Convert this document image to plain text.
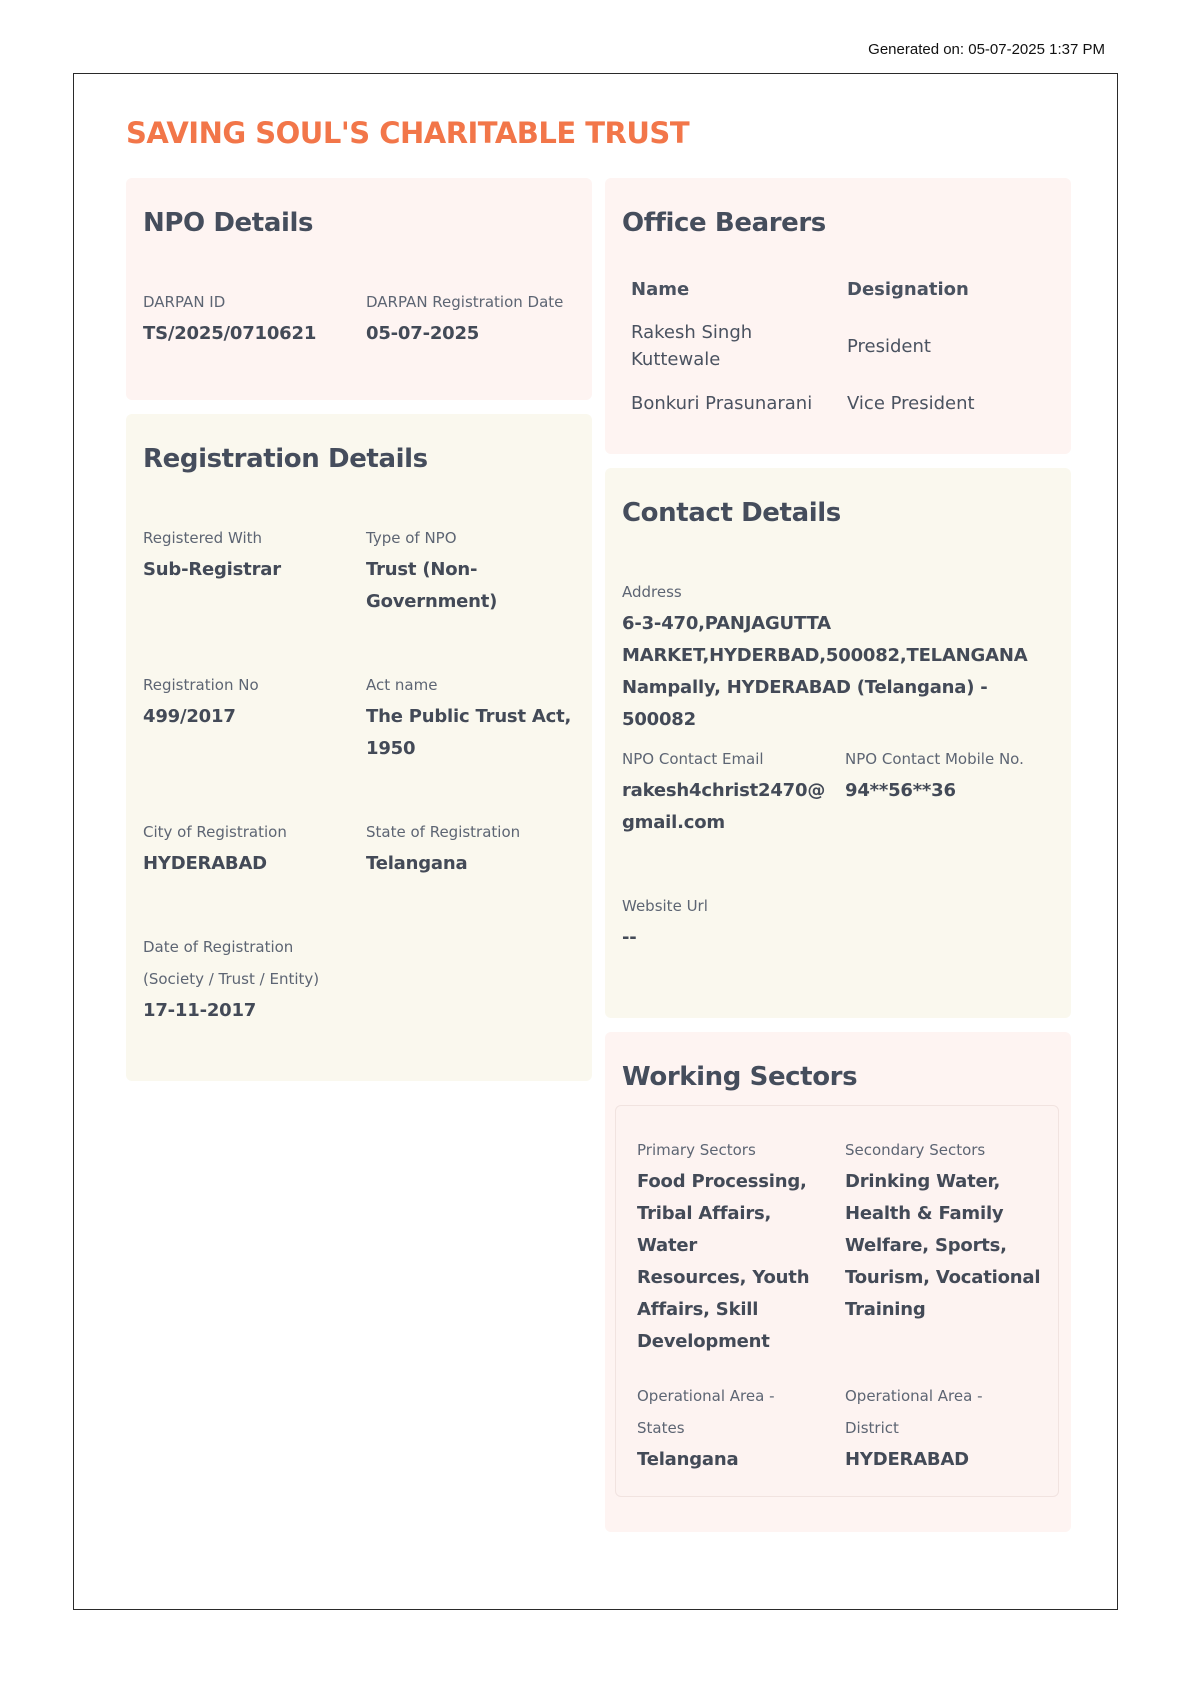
Generated on: 05-07-2025 1:37 PM
SAVING SOUL'S CHARITABLE TRUST
NPO Details
DARPAN ID
TS/2025/0710621
DARPAN Registration Date
05-07-2025
Registration Details
Registered With
Sub-Registrar
Type of NPO
Trust (Non-
Government)
Registration No
499/2017
Act name
The Public Trust Act,
1950
City of Registration
HYDERABAD
State of Registration
Telangana
Date of Registration
(Society / Trust / Entity)
17-11-2017
Office Bearers
Name	Designation

Rakesh Singh
Kuttewale	President

Bonkuri Prasunarani	Vice President
Contact Details
Address
6-3-470,PANJAGUTTA
MARKET,HYDERBAD,500082,TELANGANA
Nampally, HYDERABAD (Telangana) - 500082
NPO Contact Email
rakesh4christ2470@
gmail.com
NPO Contact Mobile No.
94**56**36
Website Url
--
Working Sectors
Primary Sectors
Food Processing,
Tribal Affairs, Water
Resources, Youth
Affairs, Skill
Development
Secondary Sectors
Drinking Water,
Health & Family
Welfare, Sports,
Tourism, Vocational
Training
Operational Area -
States
Telangana
Operational Area -
District
HYDERABAD
